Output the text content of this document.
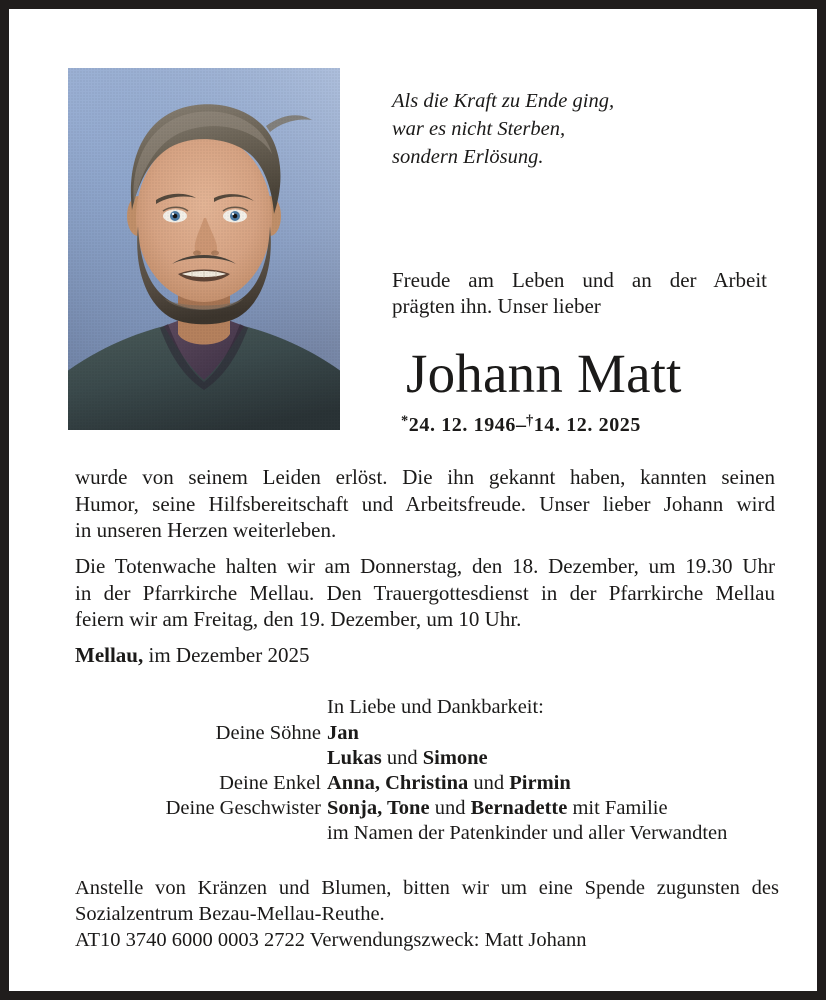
Als die Kraft zu Ende ging,
war es nicht Sterben,
sondern Erlösung.
Freude am Leben und an der Arbeit
prägten ihn. Unser lieber
Johann Matt
*24. 12. 1946–†14. 12. 2025
wurde von seinem Leiden erlöst. Die ihn gekannt haben, kannten seinen
Humor, seine Hilfsbereitschaft und Arbeitsfreude. Unser lieber Johann wird
in unseren Herzen weiterleben.
Die Totenwache halten wir am Donnerstag, den 18. Dezember, um 19.30 Uhr
in der Pfarrkirche Mellau. Den Trauergottesdienst in der Pfarrkirche Mellau
feiern wir am Freitag, den 19. Dezember, um 10 Uhr.
Mellau, im Dezember 2025
In Liebe und Dankbarkeit:
Deine Söhne Jan
Lukas und Simone
Deine Enkel Anna, Christina und Pirmin
Deine Geschwister Sonja, Tone und Bernadette mit Familie
im Namen der Patenkinder und aller Verwandten
Anstelle von Kränzen und Blumen, bitten wir um eine Spende zugunsten des
Sozialzentrum Bezau-Mellau-Reuthe.
AT10 3740 6000 0003 2722 Verwendungszweck: Matt Johann
